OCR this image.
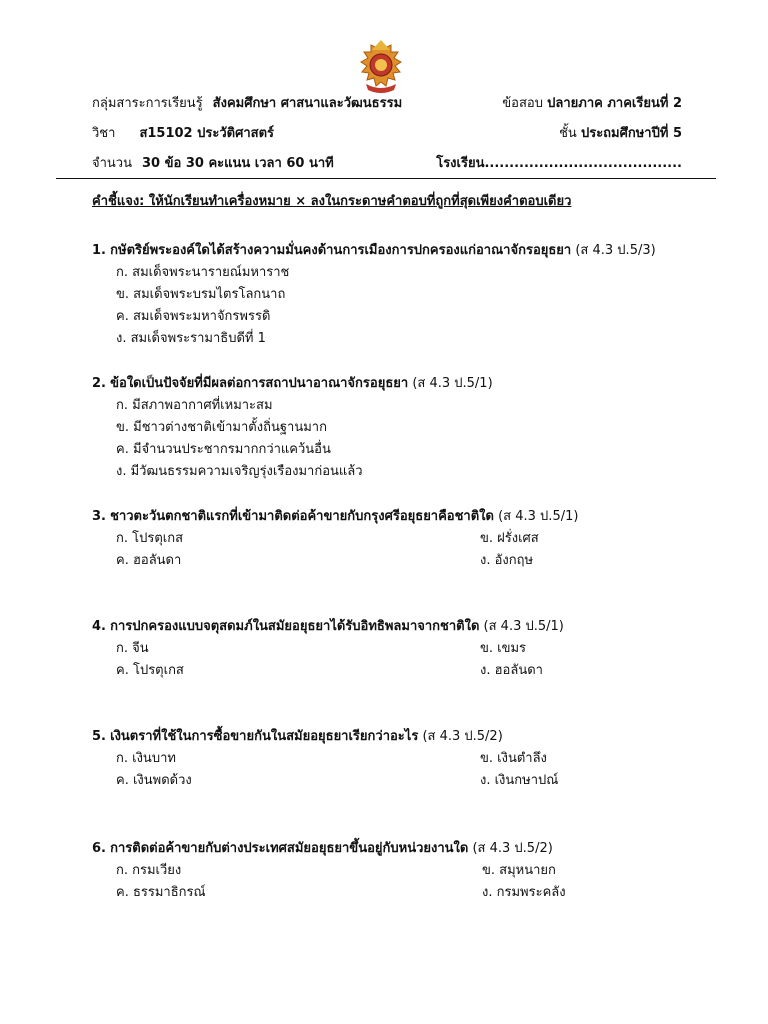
กลุ่มสาระการเรียนรู้ สังคมศึกษา ศาสนาและวัฒนธรรม	ข้อสอบ ปลายภาค ภาคเรียนที่ 2
วิชา ส15102 ประวัติศาสตร์	ชั้น ประถมศึกษาปีที่ 5
จำนวน 30 ข้อ 30 คะแนน เวลา 60 นาที	โรงเรียน........................................
คำชี้แจง: ให้นักเรียนทำเครื่องหมาย × ลงในกระดาษคำตอบที่ถูกที่สุดเพียงคำตอบเดียว
1. กษัตริย์พระองค์ใดได้สร้างความมั่นคงด้านการเมืองการปกครองแก่อาณาจักรอยุธยา (ส 4.3 ป.5/3)
ก. สมเด็จพระนารายณ์มหาราช
ข. สมเด็จพระบรมไตรโลกนาถ
ค. สมเด็จพระมหาจักรพรรดิ
ง. สมเด็จพระรามาธิบดีที่ 1
2. ข้อใดเป็นปัจจัยที่มีผลต่อการสถาปนาอาณาจักรอยุธยา (ส 4.3 ป.5/1)
ก. มีสภาพอากาศที่เหมาะสม
ข. มีชาวต่างชาติเข้ามาตั้งถิ่นฐานมาก
ค. มีจำนวนประชากรมากกว่าแคว้นอื่น
ง. มีวัฒนธรรมความเจริญรุ่งเรืองมาก่อนแล้ว
3. ชาวตะวันตกชาติแรกที่เข้ามาติดต่อค้าขายกับกรุงศรีอยุธยาคือชาติใด (ส 4.3 ป.5/1)
ก. โปรตุเกส	ข. ฝรั่งเศส
ค. ฮอลันดา	ง. อังกฤษ
4. การปกครองแบบจตุสดมภ์ในสมัยอยุธยาได้รับอิทธิพลมาจากชาติใด (ส 4.3 ป.5/1)
ก. จีน	ข. เขมร
ค. โปรตุเกส	ง. ฮอลันดา
5. เงินตราที่ใช้ในการซื้อขายกันในสมัยอยุธยาเรียกว่าอะไร (ส 4.3 ป.5/2)
ก. เงินบาท	ข. เงินตำลึง
ค. เงินพดด้วง	ง. เงินกษาปณ์
6. การติดต่อค้าขายกับต่างประเทศสมัยอยุธยาขึ้นอยู่กับหน่วยงานใด (ส 4.3 ป.5/2)
ก. กรมเวียง	ข. สมุหนายก
ค. ธรรมาธิกรณ์	ง. กรมพระคลัง
